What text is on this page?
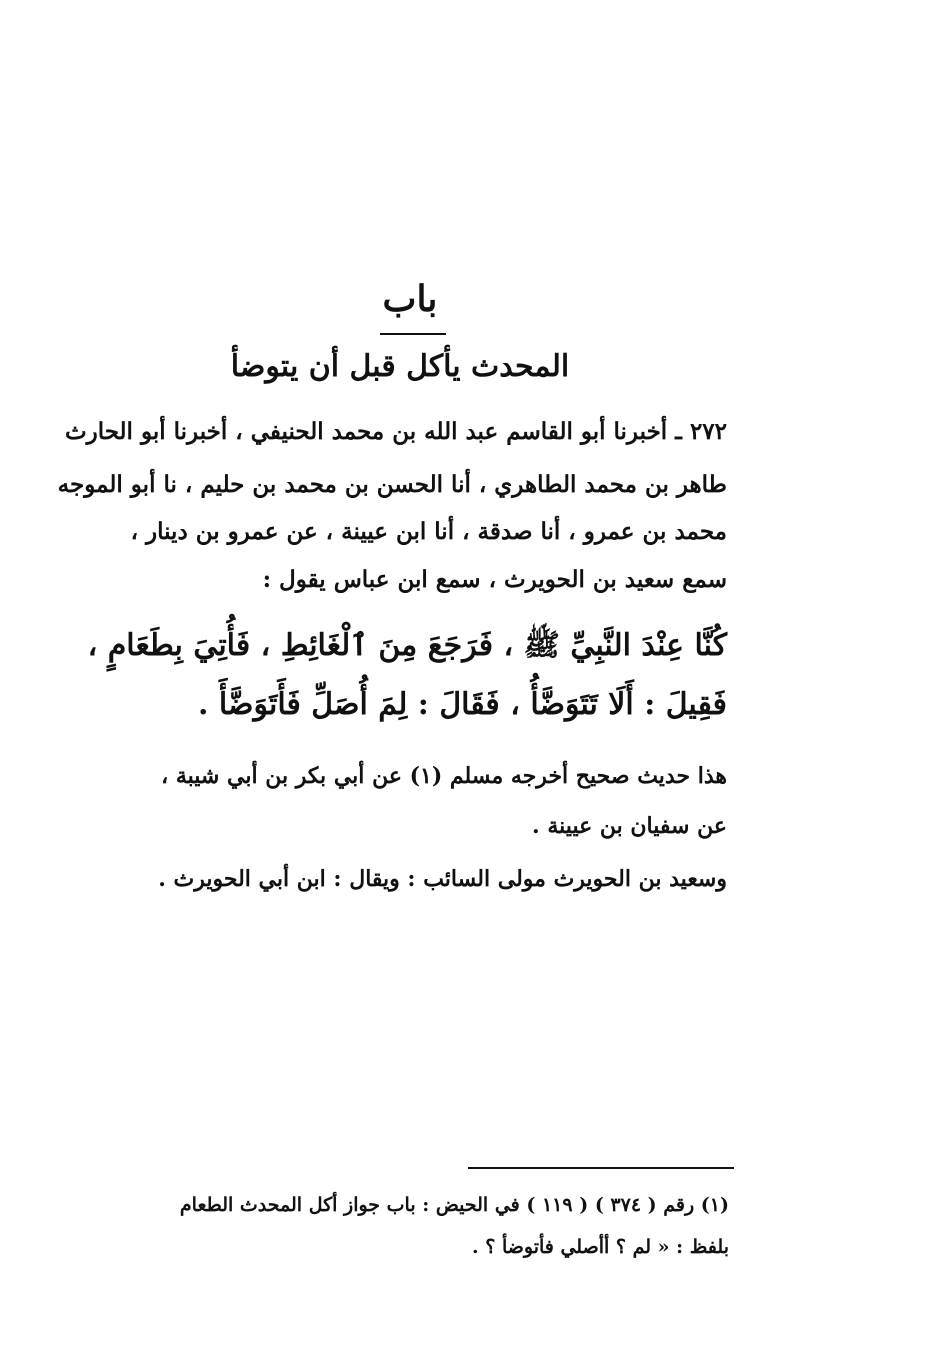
باب
المحدث يأكل قبل أن يتوضأ
٢٧٢ ـ أخبرنا أبو القاسم عبد الله بن محمد الحنيفي ، أخبرنا أبو الحارث
طاهر بن محمد الطاهري ، أنا الحسن بن محمد بن حليم ، نا أبو الموجه
محمد بن عمرو ، أنا صدقة ، أنا ابن عيينة ، عن عمرو بن دينار ،
سمع سعيد بن الحويرث ، سمع ابن عباس يقول :
كُنَّا عِنْدَ النَّبِيِّ ﷺ ، فَرَجَعَ مِنَ ٱلْغَائِطِ ، فَأُتِيَ بِطَعَامٍ ،
فَقِيلَ : أَلَا تَتَوَضَّأُ ، فَقَالَ : لِمَ أُصَلِّ فَأَتَوَضَّأَ .
هذا حديث صحيح أخرجه مسلم (١) عن أبي بكر بن أبي شيبة ،
عن سفيان بن عيينة .
وسعيد بن الحويرث مولى السائب : ويقال : ابن أبي الحويرث .
(١) رقم ( ٣٧٤ ) ( ١١٩ ) في الحيض : باب جواز أكل المحدث الطعام
بلفظ : « لم ؟ أأصلي فأتوضأ ؟ .
